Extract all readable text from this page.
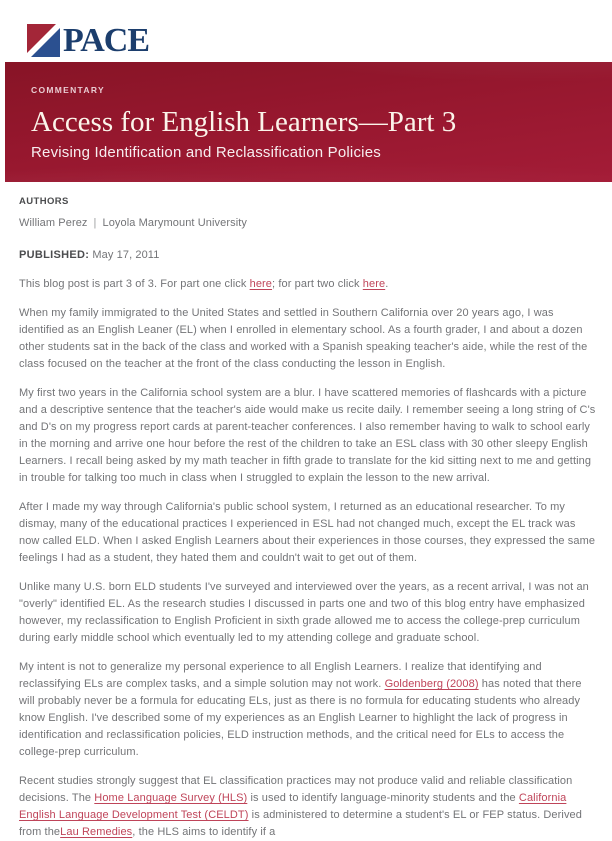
PACE
COMMENTARY
Access for English Learners—Part 3
Revising Identification and Reclassification Policies
AUTHORS
William Perez | Loyola Marymount University
PUBLISHED: May 17, 2011

This blog post is part 3 of 3. For part one click here; for part two click here.

When my family immigrated to the United States and settled in Southern California over 20 years ago, I was identified as an English Leaner (EL) when I enrolled in elementary school. As a fourth grader, I and about a dozen other students sat in the back of the class and worked with a Spanish speaking teacher's aide, while the rest of the class focused on the teacher at the front of the class conducting the lesson in English.

My first two years in the California school system are a blur. I have scattered memories of flashcards with a picture and a descriptive sentence that the teacher's aide would make us recite daily. I remember seeing a long string of C's and D's on my progress report cards at parent-teacher conferences. I also remember having to walk to school early in the morning and arrive one hour before the rest of the children to take an ESL class with 30 other sleepy English Learners. I recall being asked by my math teacher in fifth grade to translate for the kid sitting next to me and getting in trouble for talking too much in class when I struggled to explain the lesson to the new arrival.

After I made my way through California's public school system, I returned as an educational researcher. To my dismay, many of the educational practices I experienced in ESL had not changed much, except the EL track was now called ELD. When I asked English Learners about their experiences in those courses, they expressed the same feelings I had as a student, they hated them and couldn't wait to get out of them.

Unlike many U.S. born ELD students I've surveyed and interviewed over the years, as a recent arrival, I was not an "overly" identified EL. As the research studies I discussed in parts one and two of this blog entry have emphasized however, my reclassification to English Proficient in sixth grade allowed me to access the college-prep curriculum during early middle school which eventually led to my attending college and graduate school.

My intent is not to generalize my personal experience to all English Learners. I realize that identifying and reclassifying ELs are complex tasks, and a simple solution may not work. Goldenberg (2008) has noted that there will probably never be a formula for educating ELs, just as there is no formula for educating students who already know English. I've described some of my experiences as an English Learner to highlight the lack of progress in identification and reclassification policies, ELD instruction methods, and the critical need for ELs to access the college-prep curriculum.

Recent studies strongly suggest that EL classification practices may not produce valid and reliable classification decisions. The Home Language Survey (HLS) is used to identify language-minority students and the California English Language Development Test (CELDT) is administered to determine a student's EL or FEP status. Derived from theLau Remedies, the HLS aims to identify if a
